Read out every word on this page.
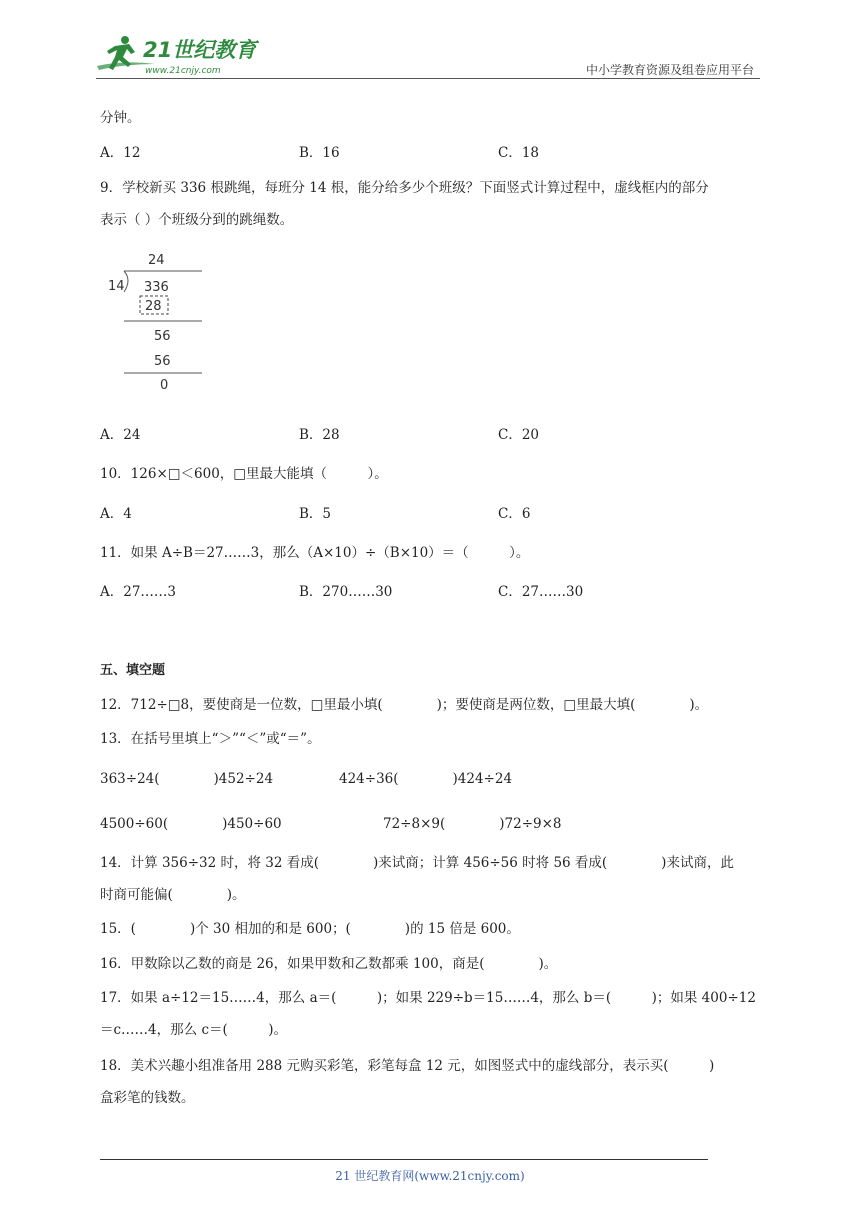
21世纪教育
www.21cnjy.com	中小学教育资源及组卷应用平台
分钟。
A．12	B．16	C．18
9．学校新买 336 根跳绳，每班分 14 根，能分给多少个班级？下面竖式计算过程中，虚线框内的部分
表示（ ）个班级分到的跳绳数。
24
14 336
28
56
56
0
A．24	B．28	C．20
10．126×□＜600，□里最大能填（　　　）。
A．4	B．5	C．6
11．如果 A÷B＝27……3，那么（A×10）÷（B×10）＝（　　　）。
A．27……3	B．270……30	C．27……30
五、填空题
12．712÷□8，要使商是一位数，□里最小填(　　　　)；要使商是两位数，□里最大填(　　　　)。
13．在括号里填上“＞”“＜”或“＝”。
363÷24(　　　　)452÷24	424÷36(　　　　)424÷24
4500÷60(　　　　)450÷60	72÷8×9(　　　　)72÷9×8
14．计算 356÷32 时，将 32 看成(　　　　)来试商；计算 456÷56 时将 56 看成(　　　　)来试商，此
时商可能偏(　　　　)。
15．(　　　　)个 30 相加的和是 600；(　　　　)的 15 倍是 600。
16．甲数除以乙数的商是 26，如果甲数和乙数都乘 100，商是(　　　　)。
17．如果 a÷12＝15……4，那么 a＝(　　　)；如果 229÷b＝15……4，那么 b＝(　　　)；如果 400÷12
＝c……4，那么 c＝(　　　)。
18．美术兴趣小组准备用 288 元购买彩笔，彩笔每盒 12 元，如图竖式中的虚线部分，表示买(　　　)
盒彩笔的钱数。
21 世纪教育网(www.21cnjy.com)
